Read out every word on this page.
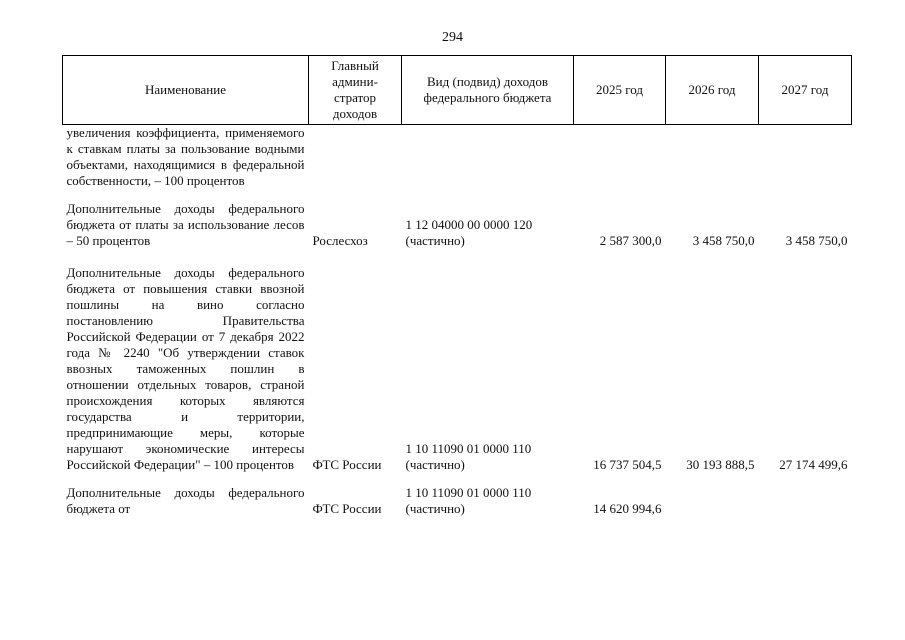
294
Наименование	Главный админи-стратор доходов	Вид (подвид) доходов федерального бюджета	2025 год	2026 год	2027 год
увеличения коэффициента, применяемого к ставкам платы за пользование водными объектами, находящимися в федеральной собственности, – 100 процентов					
Дополнительные доходы федерального бюджета от платы за использование лесов – 50 процентов	Рослесхоз	1 12 04000 00 0000 120 (частично)	2 587 300,0	3 458 750,0	3 458 750,0
Дополнительные доходы федерального бюджета от повышения ставки ввозной пошлины на вино согласно постановлению Правительства Российской Федерации от 7 декабря 2022 года № 2240 "Об утверждении ставок ввозных таможенных пошлин в отношении отдельных товаров, страной происхождения которых являются государства и территории, предпринимающие меры, которые нарушают экономические интересы Российской Федерации" – 100 процентов	ФТС России	1 10 11090 01 0000 110 (частично)	16 737 504,5	30 193 888,5	27 174 499,6
Дополнительные доходы федерального бюджета от	ФТС России	1 10 11090 01 0000 110 (частично)	14 620 994,6		
